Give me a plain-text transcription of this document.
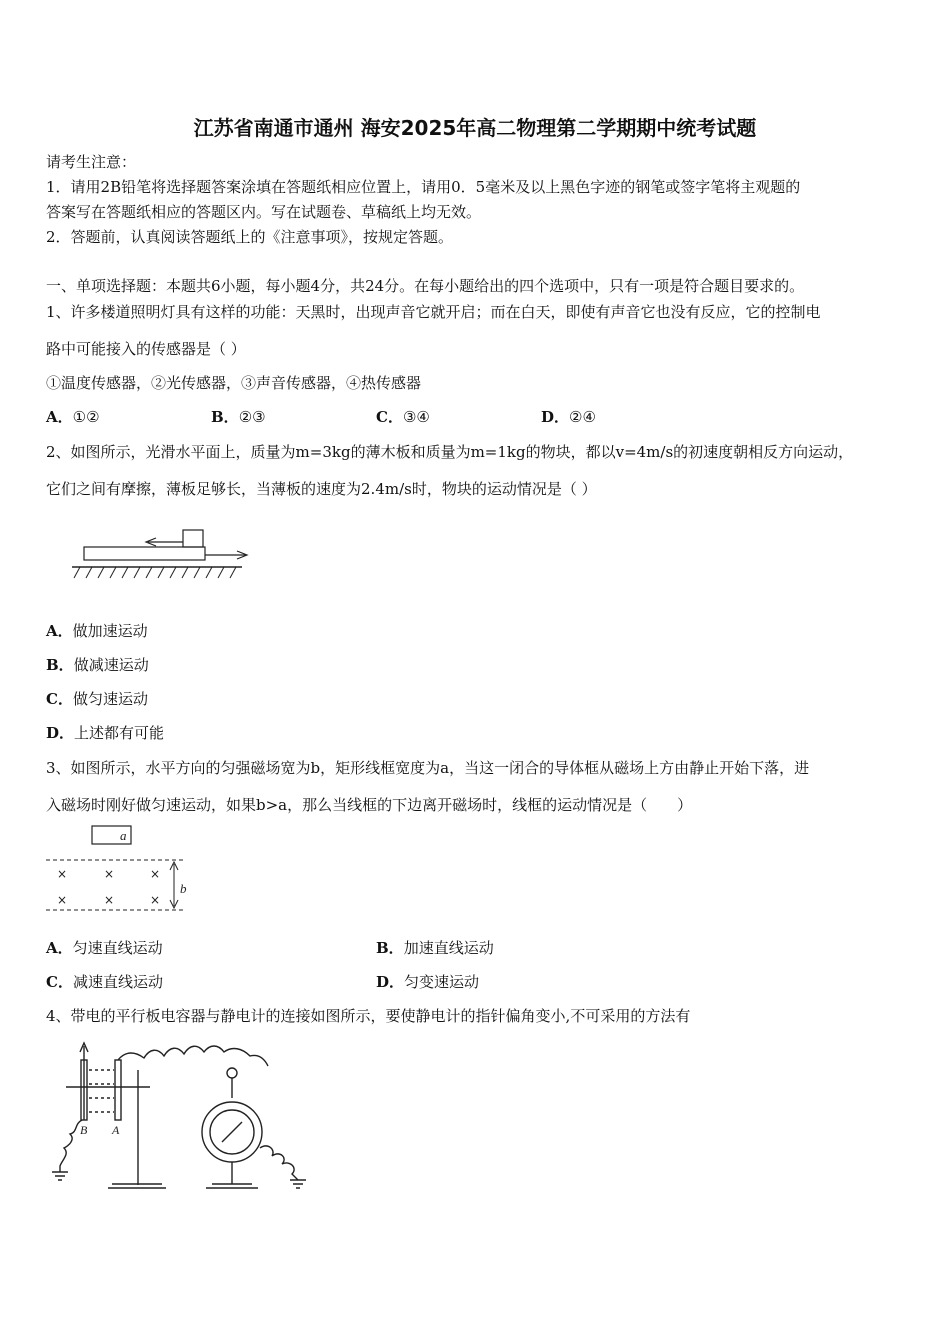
江苏省南通市通州 海安2025年高二物理第二学期期中统考试题
请考生注意：
1．请用2B铅笔将选择题答案涂填在答题纸相应位置上，请用0．5毫米及以上黑色字迹的钢笔或签字笔将主观题的
答案写在答题纸相应的答题区内。写在试题卷、草稿纸上均无效。
2．答题前，认真阅读答题纸上的《注意事项》，按规定答题。
一、单项选择题：本题共6小题，每小题4分，共24分。在每小题给出的四个选项中，只有一项是符合题目要求的。
1、许多楼道照明灯具有这样的功能：天黑时，出现声音它就开启；而在白天，即使有声音它也没有反应，它的控制电
路中可能接入的传感器是（ ）
①温度传感器，②光传感器，③声音传感器，④热传感器
A．①②	B．②③	C．③④	D．②④
2、如图所示，光滑水平面上，质量为m=3kg的薄木板和质量为m=1kg的物块，都以v=4m/s的初速度朝相反方向运动，
它们之间有摩擦，薄板足够长，当薄板的速度为2.4m/s时，物块的运动情况是（ ）
A．做加速运动
B．做减速运动
C．做匀速运动
D．上述都有可能
3、如图所示，水平方向的匀强磁场宽为b，矩形线框宽度为a，当这一闭合的导体框从磁场上方由静止开始下落，进
入磁场时刚好做匀速运动，如果b>a，那么当线框的下边离开磁场时，线框的运动情况是（　　）
a
×	×	×
×	×	×
b
A．匀速直线运动	B．加速直线运动
C．减速直线运动	D．匀变速运动
4、带电的平行板电容器与静电计的连接如图所示，要使静电计的指针偏角变小,不可采用的方法有
B A
